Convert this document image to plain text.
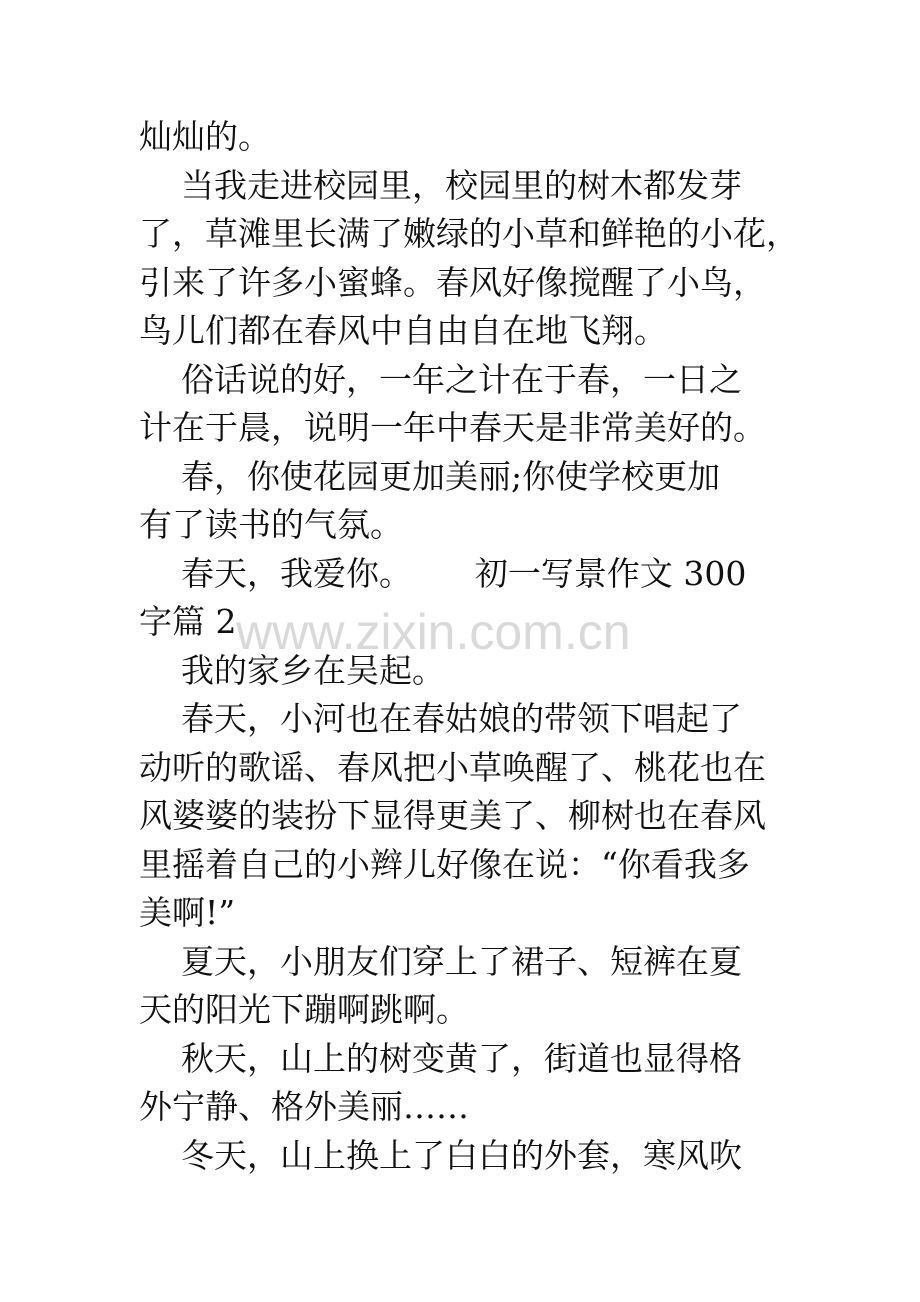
灿灿的。
当我走进校园里，校园里的树木都发芽
了，草滩里长满了嫩绿的小草和鲜艳的小花，
引来了许多小蜜蜂。春风好像搅醒了小鸟，
鸟儿们都在春风中自由自在地飞翔。
俗话说的好，一年之计在于春，一日之
计在于晨，说明一年中春天是非常美好的。
春，你使花园更加美丽;你使学校更加
有了读书的气氛。
春天，我爱你。      初一写景作文 300
字篇 2
我的家乡在吴起。
春天，小河也在春姑娘的带领下唱起了
动听的歌谣、春风把小草唤醒了、桃花也在
风婆婆的装扮下显得更美了、柳树也在春风
里摇着自己的小辫儿好像在说：“你看我多
美啊!”
夏天，小朋友们穿上了裙子、短裤在夏
天的阳光下蹦啊跳啊。
秋天，山上的树变黄了，街道也显得格
外宁静、格外美丽……
冬天，山上换上了白白的外套，寒风吹
www.zixin.com.cn
